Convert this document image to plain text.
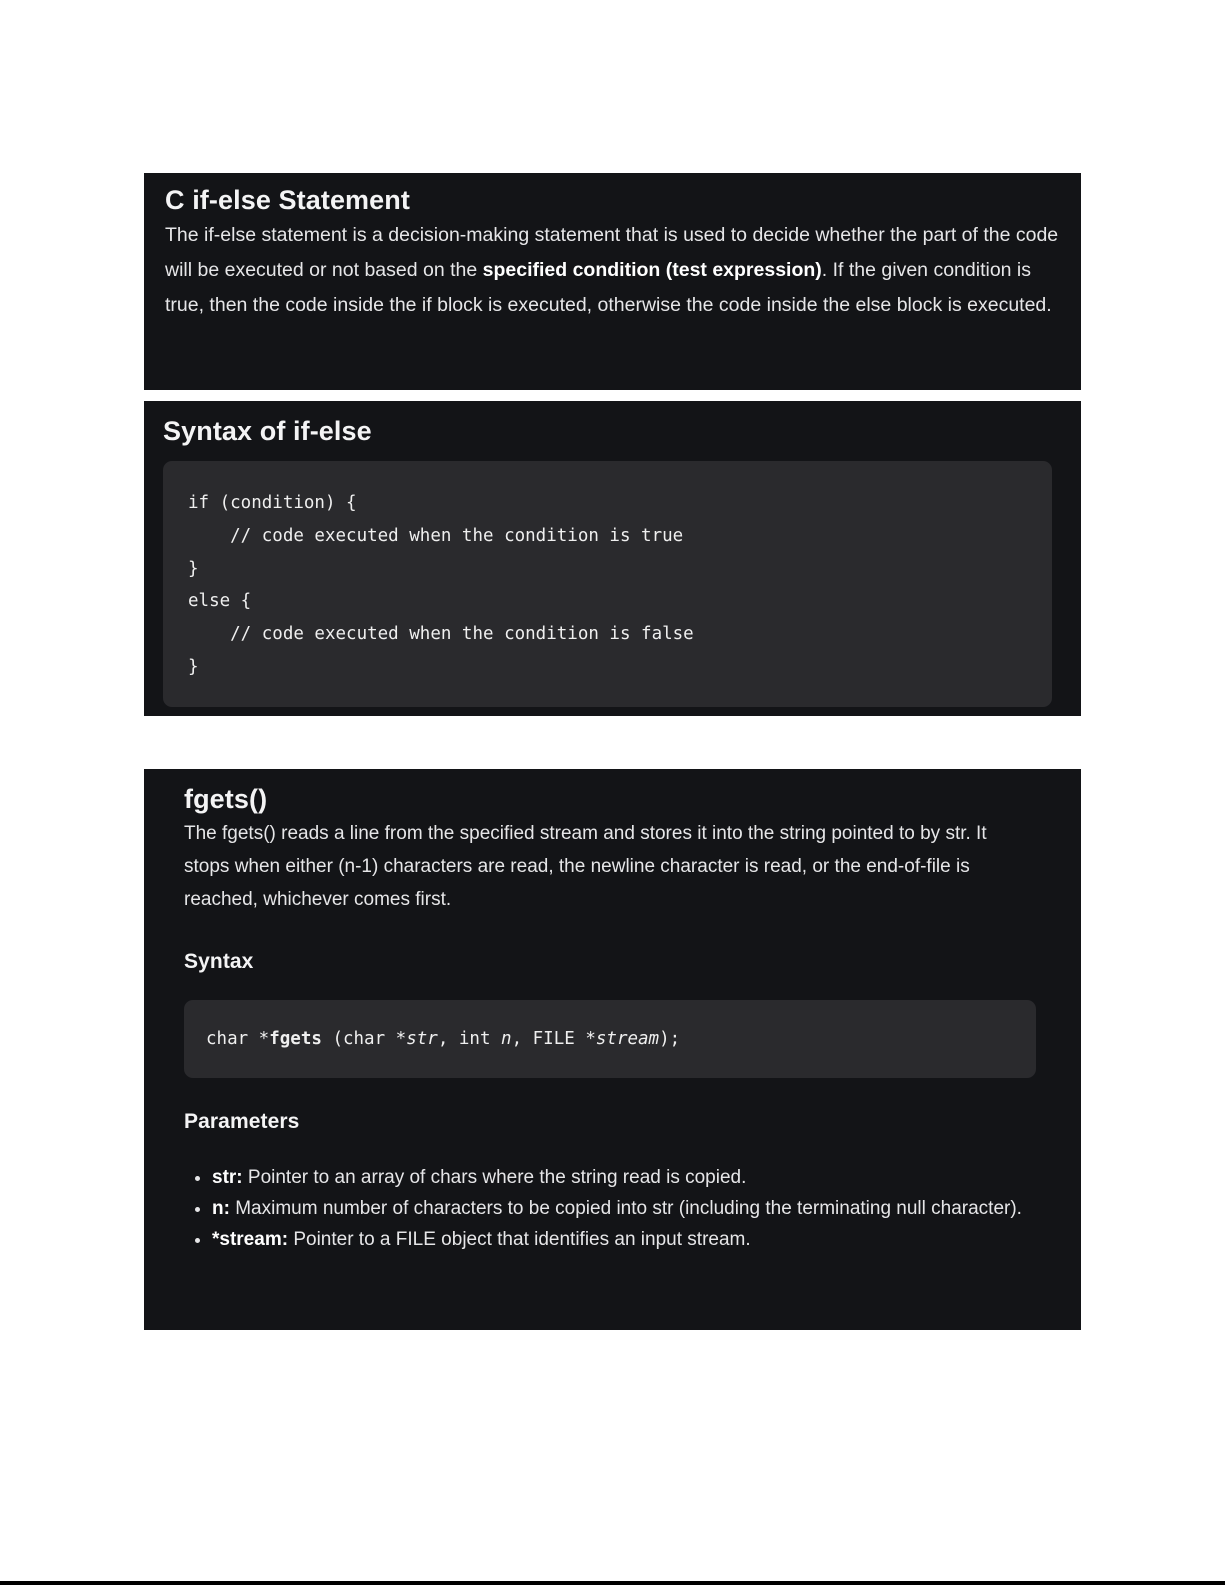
C if-else Statement

The if-else statement is a decision-making statement that is used to decide whether the part of the code will be executed or not based on the specified condition (test expression). If the given condition is true, then the code inside the if block is executed, otherwise the code inside the else block is executed.

Syntax of if-else
if (condition) {
// code executed when the condition is true
}
else {
// code executed when the condition is false
}
fgets()

The fgets() reads a line from the specified stream and stores it into the string pointed to by str. It stops when either (n-1) characters are read, the newline character is read, or the end-of-file is reached, whichever comes first.

Syntax
char * fgets (char * str , int n , FILE * stream );
Parameters
• str: Pointer to an array of chars where the string read is copied.
• n: Maximum number of characters to be copied into str (including the terminating null character).
• *stream: Pointer to a FILE object that identifies an input stream.
